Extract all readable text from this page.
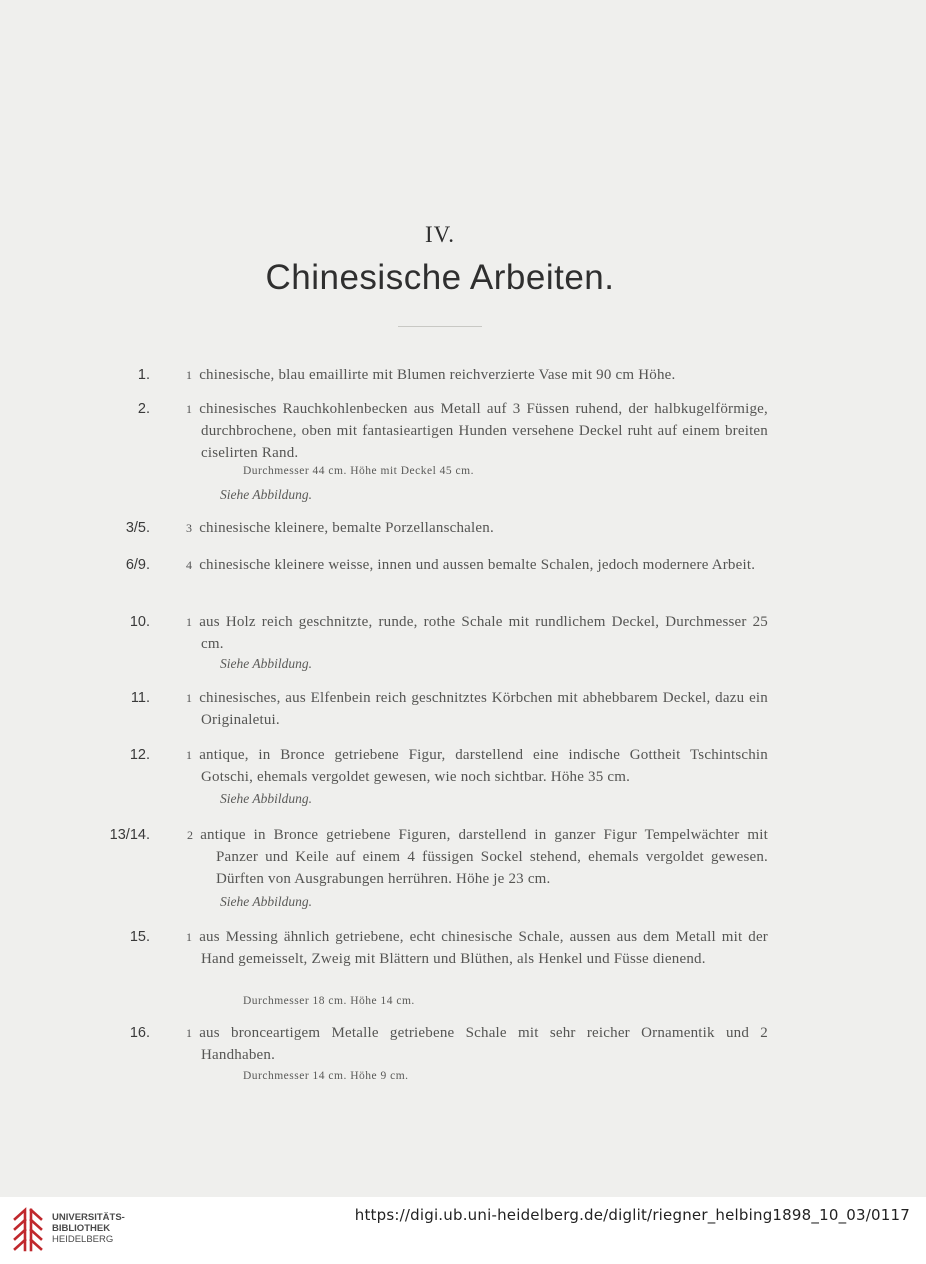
IV.
Chinesische Arbeiten.
1.	1 chinesische, blau emaillirte mit Blumen reichverzierte Vase mit 90 cm Höhe.
2.	1 chinesisches Rauchkohlenbecken aus Metall auf 3 Füssen ruhend, der halbkugelförmige, durchbrochene, oben mit fantasieartigen Hunden versehene Deckel ruht auf einem breiten ciselirten Rand.
Durchmesser 44 cm. Höhe mit Deckel 45 cm.
Siehe Abbildung.
3/5.	3 chinesische kleinere, bemalte Porzellanschalen.
6/9.	4 chinesische kleinere weisse, innen und aussen bemalte Schalen, jedoch modernere Arbeit.
10.	1 aus Holz reich geschnitzte, runde, rothe Schale mit rundlichem Deckel, Durchmesser 25 cm.
Siehe Abbildung.
11.	1 chinesisches, aus Elfenbein reich geschnitztes Körbchen mit abhebbarem Deckel, dazu ein Originaletui.
12.	1 antique, in Bronce getriebene Figur, darstellend eine indische Gottheit Tschintschin Gotschi, ehemals vergoldet gewesen, wie noch sichtbar. Höhe 35 cm.
Siehe Abbildung.
13/14.	2 antique in Bronce getriebene Figuren, darstellend in ganzer Figur Tempelwächter mit Panzer und Keile auf einem 4 füssigen Sockel stehend, ehemals vergoldet gewesen. Dürften von Ausgrabungen herrühren. Höhe je 23 cm.
Siehe Abbildung.
15.	1 aus Messing ähnlich getriebene, echt chinesische Schale, aussen aus dem Metall mit der Hand gemeisselt, Zweig mit Blättern und Blüthen, als Henkel und Füsse dienend.
Durchmesser 18 cm. Höhe 14 cm.
16.	1 aus bronceartigem Metalle getriebene Schale mit sehr reicher Ornamentik und 2 Handhaben.
Durchmesser 14 cm. Höhe 9 cm.
UNIVERSITÄTS-
BIBLIOTHEK
HEIDELBERG
https://digi.ub.uni-heidelberg.de/diglit/riegner_helbing1898_10_03/0117
